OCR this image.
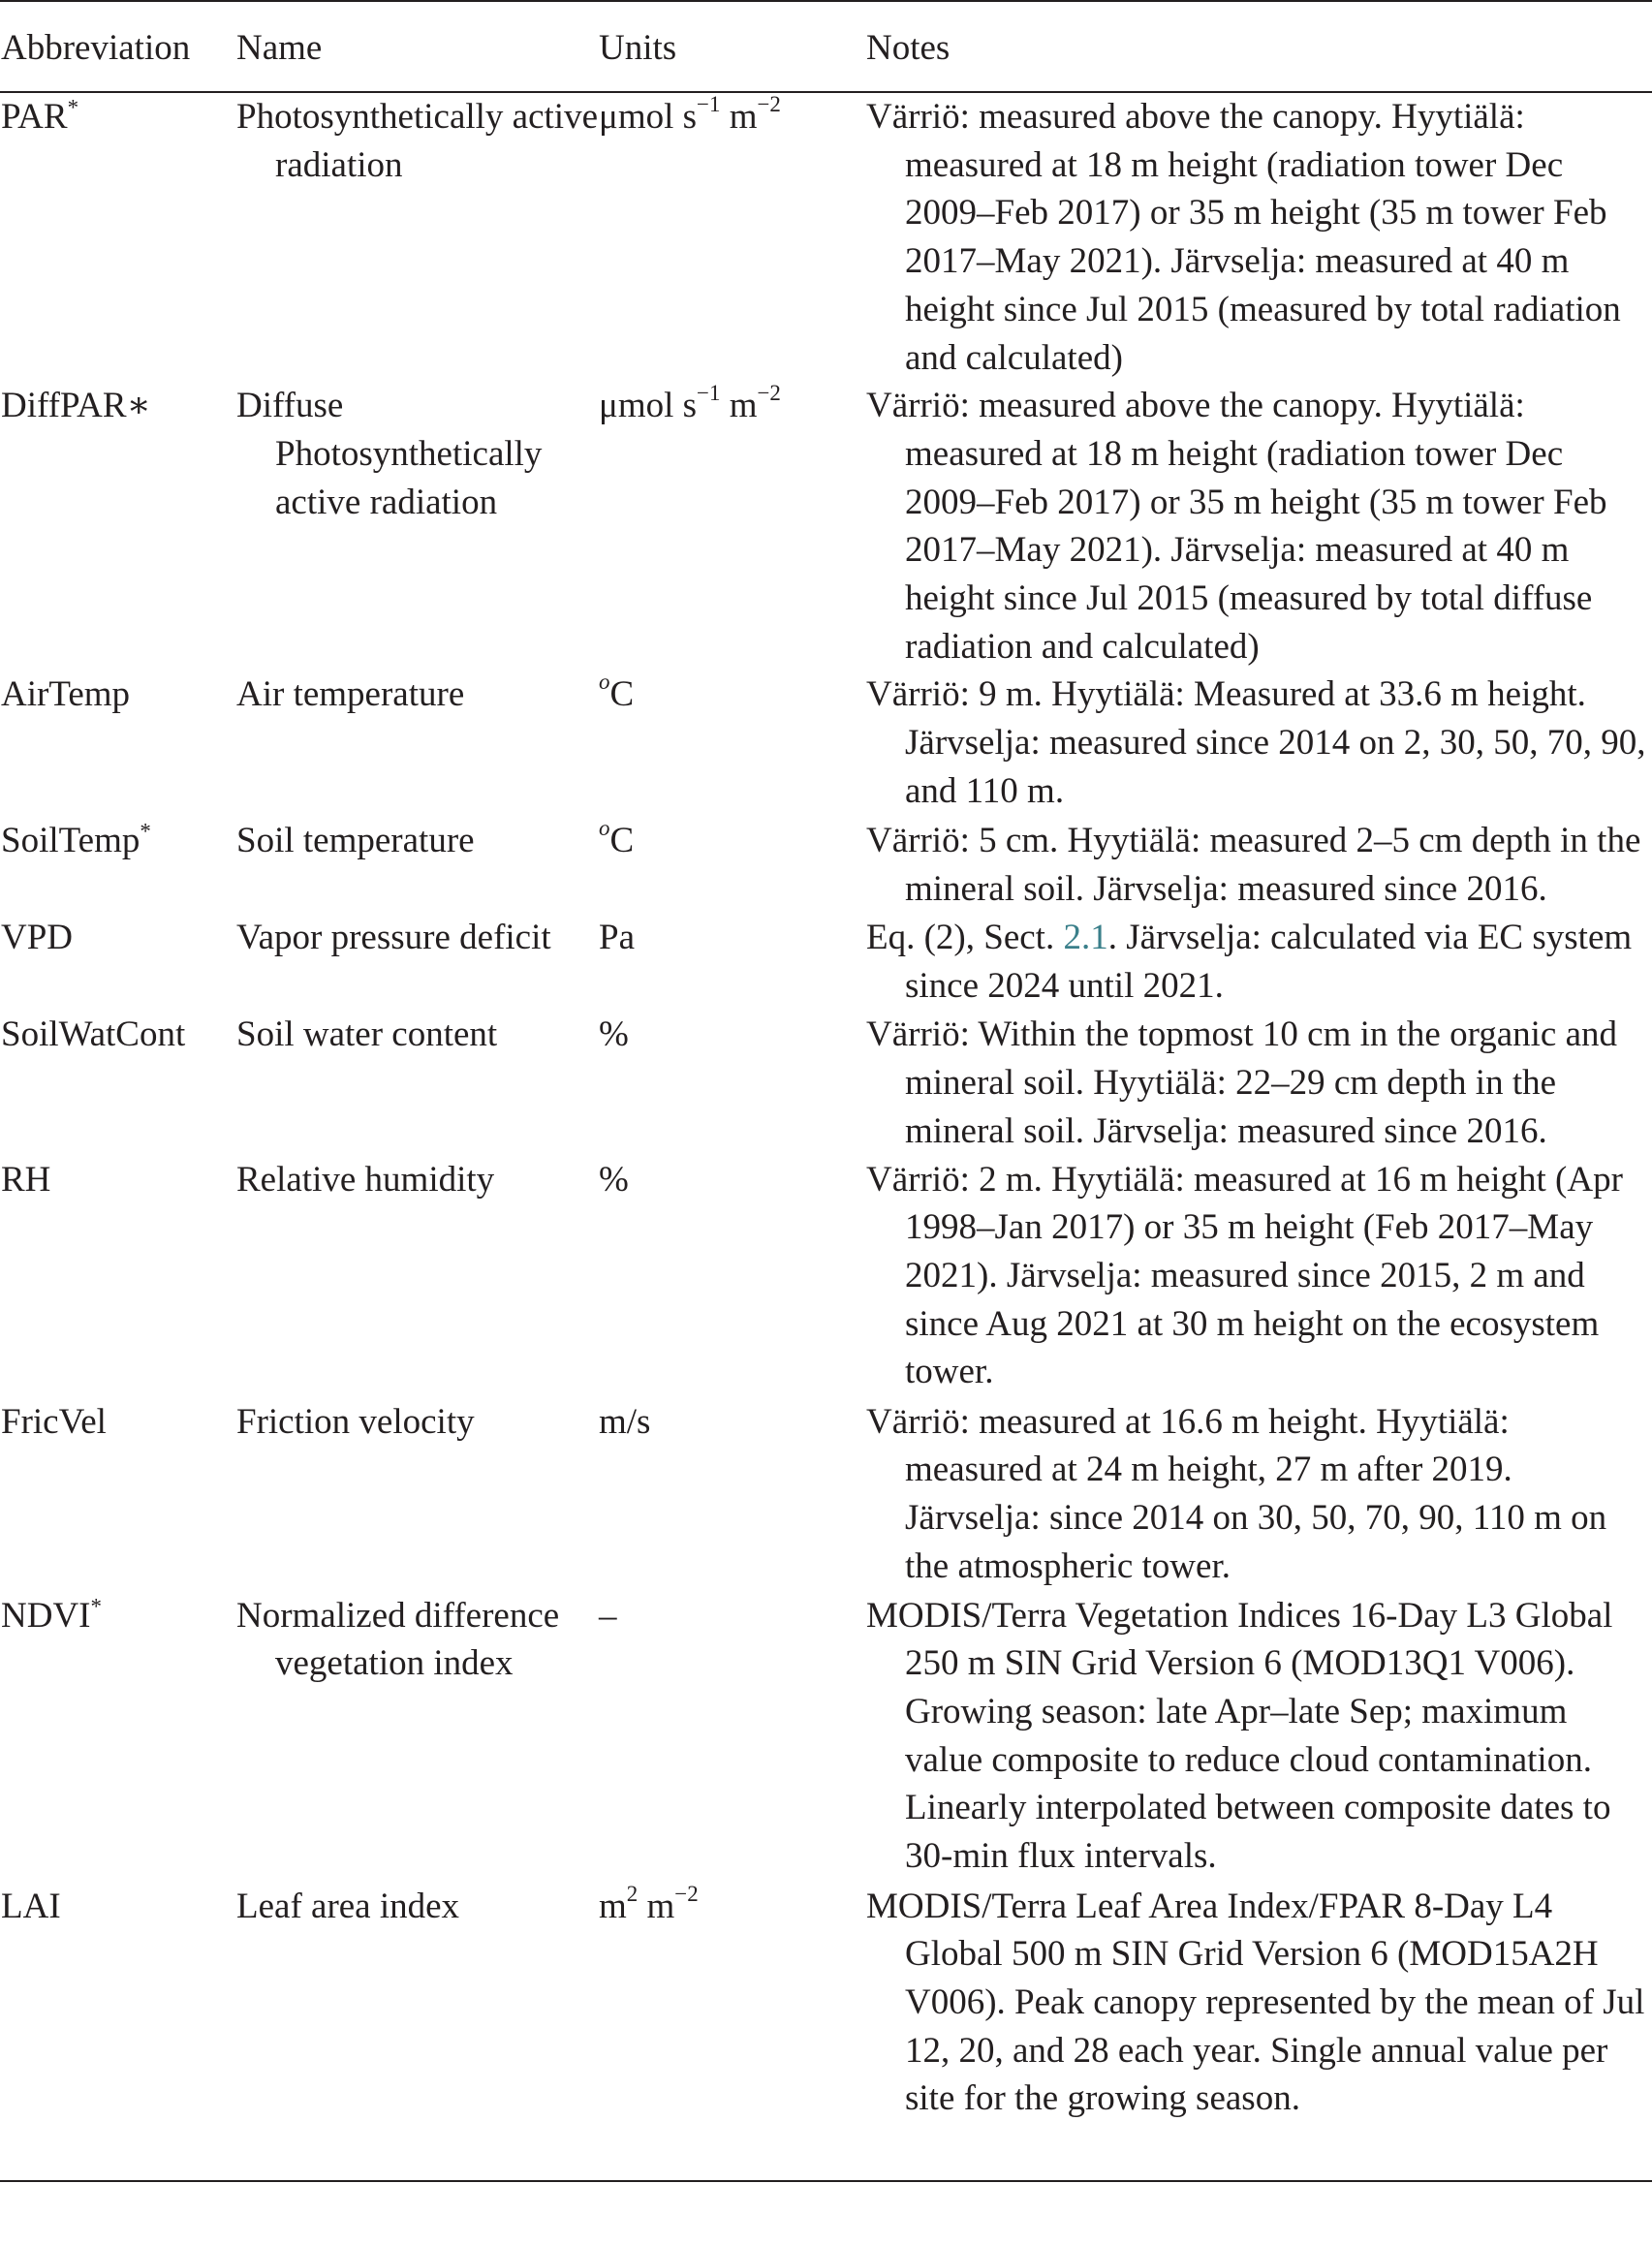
Abbreviation	Name	Units	Notes
PAR*	Photosynthetically active radiation	μmol $s^{-1}$ $m^{-2}$	Värriö: measured above the canopy. Hyytiälä: measured at 18 m height (radiation tower Dec 2009–Feb 2017) or 35 m height (35 m tower Feb 2017–May 2021). Järvselja: measured at 40 m height since Jul 2015 (measured by total radiation and calculated)

DiffPAR∗	Diffuse Photosynthetically active radiation	μmol $s^{-1}$ $m^{-2}$	Värriö: measured above the canopy. Hyytiälä: measured at 18 m height (radiation tower Dec 2009–Feb 2017) or 35 m height (35 m tower Feb 2017–May 2021). Järvselja: measured at 40 m height since Jul 2015 (measured by total diffuse radiation and calculated)

AirTemp	Air temperature	$^o$C	Värriö: 9 m. Hyytiälä: Measured at 33.6 m height. Järvselja: measured since 2014 on 2, 30, 50, 70, 90, and 110 m.

SoilTemp*	Soil temperature	$^o$C	Värriö: 5 cm. Hyytiälä: measured 2–5 cm depth in the mineral soil. Järvselja: measured since 2016.

VPD	Vapor pressure deficit	Pa	Eq. (2), Sect. 2.1. Järvselja: calculated via EC system since 2024 until 2021.

SoilWatCont	Soil water content	%	Värriö: Within the topmost 10 cm in the organic and mineral soil. Hyytiälä: 22–29 cm depth in the mineral soil. Järvselja: measured since 2016.

RH	Relative humidity	%	Värriö: 2 m. Hyytiälä: measured at 16 m height (Apr 1998–Jan 2017) or 35 m height (Feb 2017–May 2021). Järvselja: measured since 2015, 2 m and since Aug 2021 at 30 m height on the ecosystem tower.

FricVel	Friction velocity	m/s	Värriö: measured at 16.6 m height. Hyytiälä: measured at 24 m height, 27 m after 2019. Järvselja: since 2014 on 30, 50, 70, 90, 110 m on the atmospheric tower.

NDVI*	Normalized difference vegetation index	–	MODIS/Terra Vegetation Indices 16-Day L3 Global 250 m SIN Grid Version 6 (MOD13Q1 V006). Growing season: late Apr–late Sep; maximum value composite to reduce cloud contamination. Linearly interpolated between composite dates to 30-min flux intervals.

LAI	Leaf area index	$m^2$ $m^{-2}$	MODIS/Terra Leaf Area Index/FPAR 8-Day L4 Global 500 m SIN Grid Version 6 (MOD15A2H V006). Peak canopy represented by the mean of Jul 12, 20, and 28 each year. Single annual value per site for the growing season.
